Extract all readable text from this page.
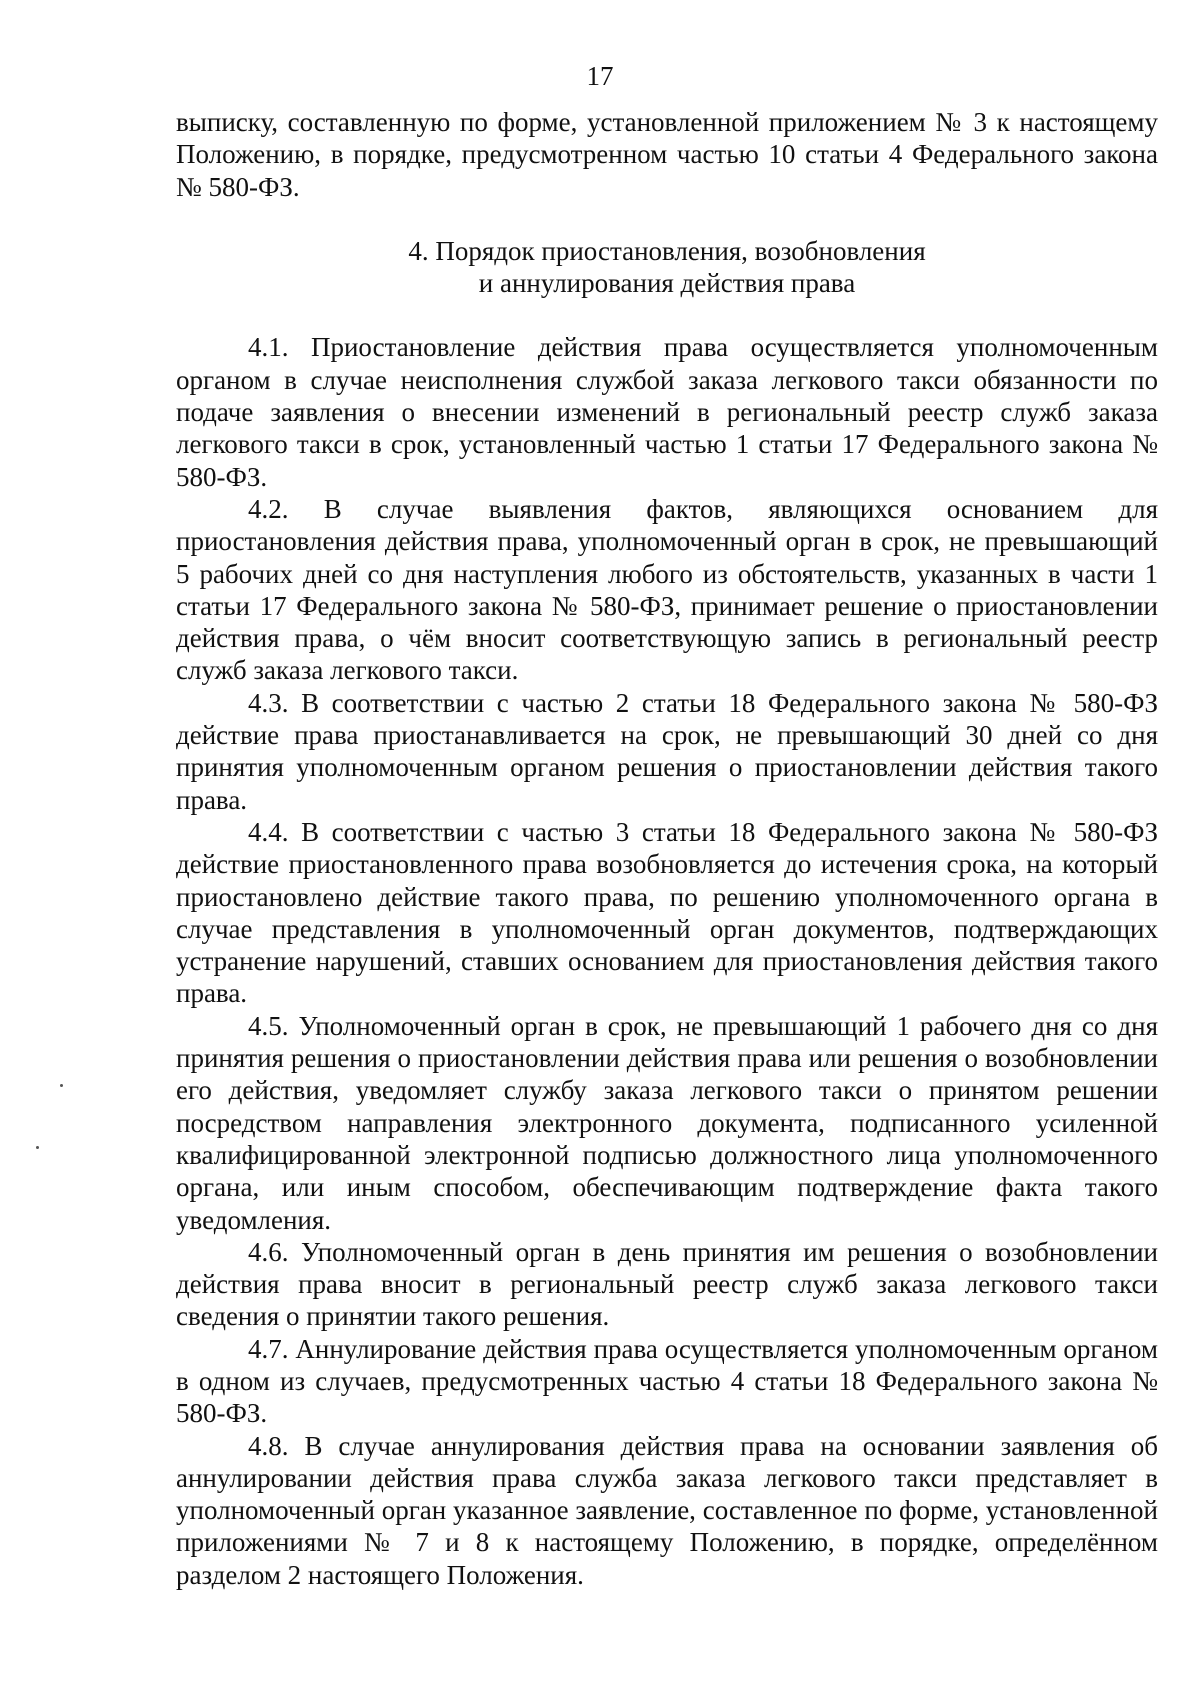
17

выписку, составленную по форме, установленной приложением № 3 к настоящему Положению, в порядке, предусмотренном частью 10 статьи 4 Федерального закона № 580-ФЗ.

4. Порядок приостановления, возобновления
и аннулирования действия права

4.1. Приостановление действия права осуществляется уполномоченным органом в случае неисполнения службой заказа легкового такси обязанности по подаче заявления о внесении изменений в региональный реестр служб заказа легкового такси в срок, установленный частью 1 статьи 17 Федерального закона № 580-ФЗ.

4.2. В случае выявления фактов, являющихся основанием для приостановления действия права, уполномоченный орган в срок, не превышающий 5 рабочих дней со дня наступления любого из обстоятельств, указанных в части 1 статьи 17 Федерального закона № 580-ФЗ, принимает решение о приостановлении действия права, о чём вносит соответствующую запись в региональный реестр служб заказа легкового такси.

4.3. В соответствии с частью 2 статьи 18 Федерального закона № 580-ФЗ действие права приостанавливается на срок, не превышающий 30 дней со дня принятия уполномоченным органом решения о приостановлении действия такого права.

4.4. В соответствии с частью 3 статьи 18 Федерального закона № 580-ФЗ действие приостановленного права возобновляется до истечения срока, на который приостановлено действие такого права, по решению уполномоченного органа в случае представления в уполномоченный орган документов, подтверждающих устранение нарушений, ставших основанием для приостановления действия такого права.

4.5. Уполномоченный орган в срок, не превышающий 1 рабочего дня со дня принятия решения о приостановлении действия права или решения о возобновлении его действия, уведомляет службу заказа легкового такси о принятом решении посредством направления электронного документа, подписанного усиленной квалифицированной электронной подписью должностного лица уполномоченного органа, или иным способом, обеспечивающим подтверждение факта такого уведомления.

4.6. Уполномоченный орган в день принятия им решения о возобновлении действия права вносит в региональный реестр служб заказа легкового такси сведения о принятии такого решения.

4.7. Аннулирование действия права осуществляется уполномоченным органом в одном из случаев, предусмотренных частью 4 статьи 18 Федерального закона № 580-ФЗ.

4.8. В случае аннулирования действия права на основании заявления об аннулировании действия права служба заказа легкового такси представляет в уполномоченный орган указанное заявление, составленное по форме, установленной приложениями № 7 и 8 к настоящему Положению, в порядке, определённом разделом 2 настоящего Положения.
